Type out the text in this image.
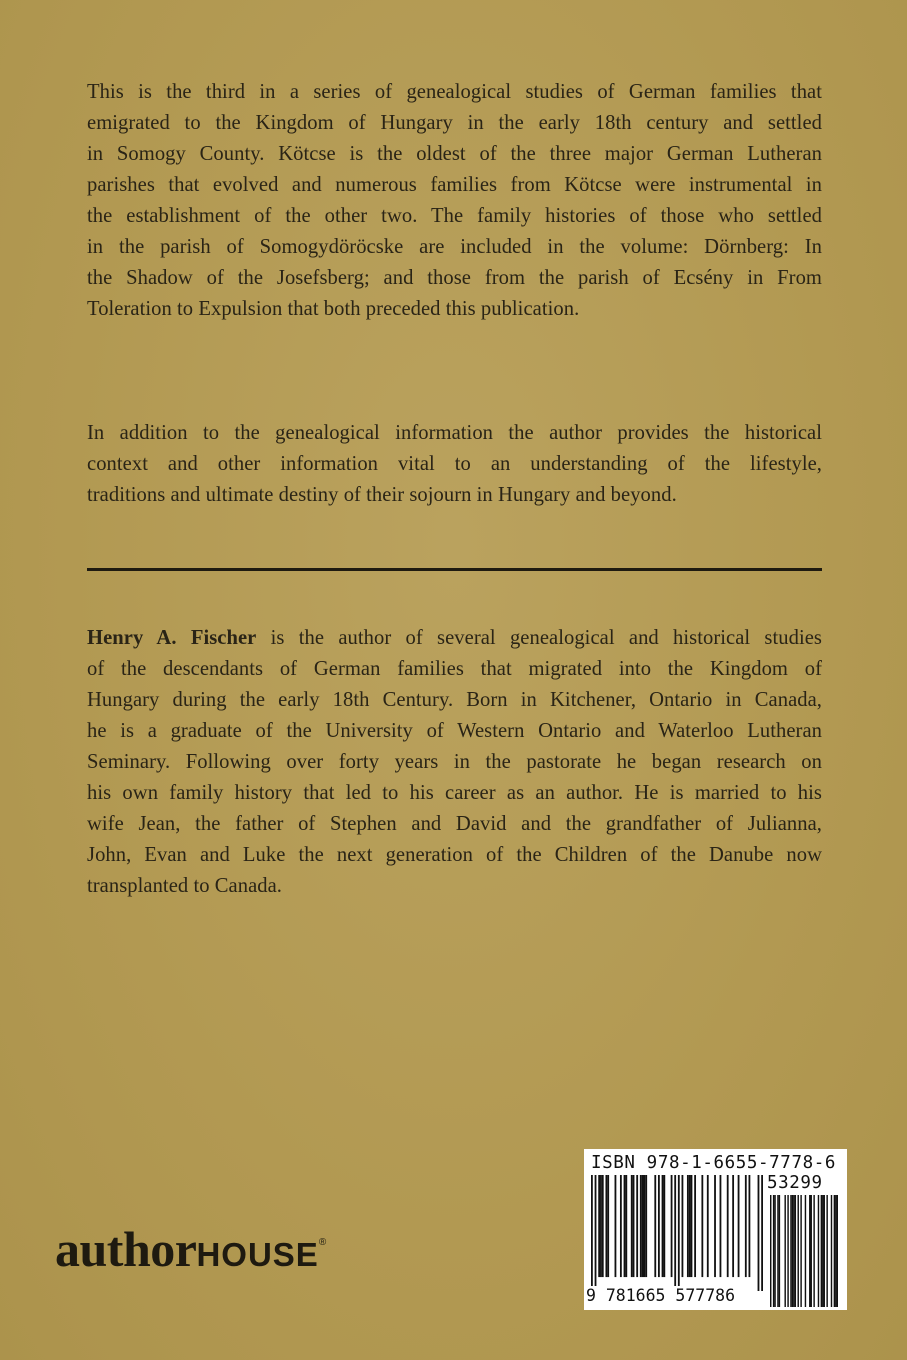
This is the third in a series of genealogical studies of German families that
emigrated to the Kingdom of Hungary in the early 18th century and settled
in Somogy County. Kötcse is the oldest of the three major German Lutheran
parishes that evolved and numerous families from Kötcse were instrumental in
the establishment of the other two. The family histories of those who settled
in the parish of Somogydöröcske are included in the volume: Dörnberg: In
the Shadow of the Josefsberg; and those from the parish of Ecsény in From
Toleration to Expulsion that both preceded this publication.
In addition to the genealogical information the author provides the historical
context and other information vital to an understanding of the lifestyle,
traditions and ultimate destiny of their sojourn in Hungary and beyond.
Henry A. Fischer is the author of several genealogical and historical studies
of the descendants of German families that migrated into the Kingdom of
Hungary during the early 18th Century. Born in Kitchener, Ontario in Canada,
he is a graduate of the University of Western Ontario and Waterloo Lutheran
Seminary. Following over forty years in the pastorate he began research on
his own family history that led to his career as an author. He is married to his
wife Jean, the father of Stephen and David and the grandfather of Julianna,
John, Evan and Luke the next generation of the Children of the Danube now
transplanted to Canada.
authorHOUSE®
ISBN 978-1-6655-7778-6
53299
9 781665 577786
